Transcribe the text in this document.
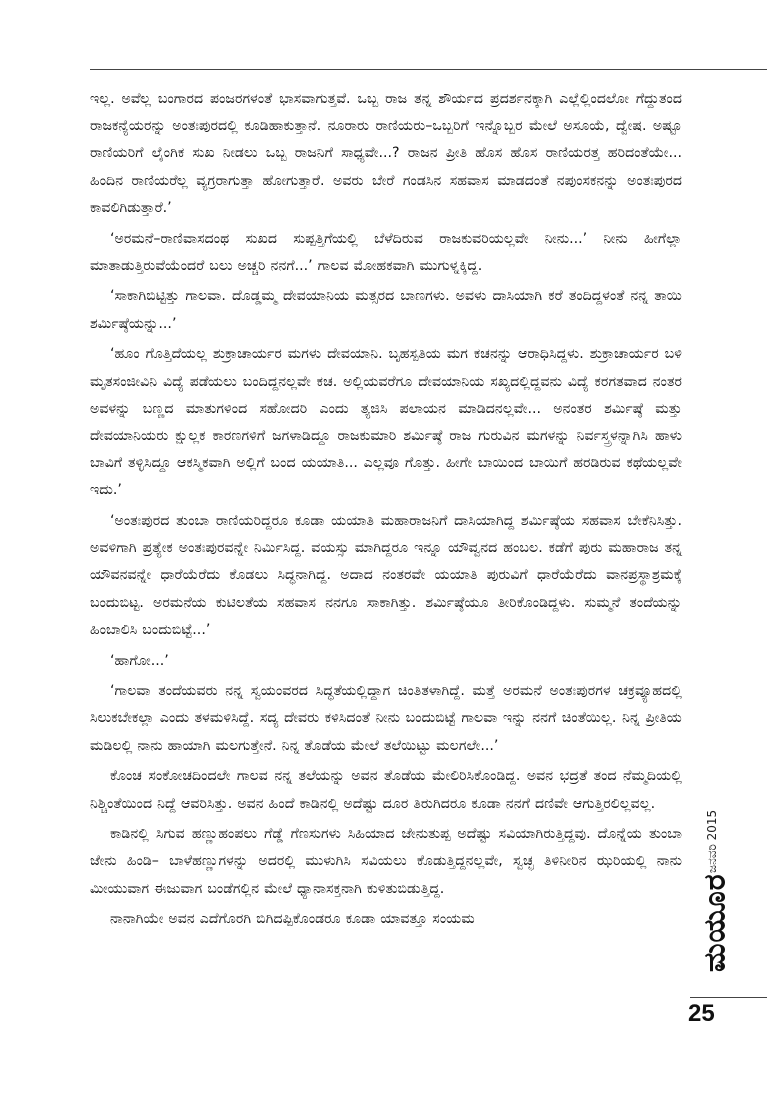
ಇಲ್ಲ. ಅವೆಲ್ಲ ಬಂಗಾರದ ಪಂಜರಗಳಂತೆ ಭಾಸವಾಗುತ್ತವೆ. ಒಬ್ಬ ರಾಜ ತನ್ನ ಶೌರ್ಯದ ಪ್ರದರ್ಶನಕ್ಕಾಗಿ ಎಲ್ಲೆಲ್ಲಿಂದಲೋ ಗೆದ್ದುತಂದ ರಾಜಕನ್ಯೆಯರನ್ನು ಅಂತಃಪುರದಲ್ಲಿ ಕೂಡಿಹಾಕುತ್ತಾನೆ. ನೂರಾರು ರಾಣಿಯರು–ಒಬ್ಬರಿಗೆ ಇನ್ನೊಬ್ಬರ ಮೇಲೆ ಅಸೂಯೆ, ದ್ವೇಷ. ಅಷ್ಟೂ ರಾಣಿಯರಿಗೆ ಲೈಂಗಿಕ ಸುಖ ನೀಡಲು ಒಬ್ಬ ರಾಜನಿಗೆ ಸಾಧ್ಯವೇ...? ರಾಜನ ಪ್ರೀತಿ ಹೊಸ ಹೊಸ ರಾಣಿಯರತ್ತ ಹರಿದಂತೆಯೇ... ಹಿಂದಿನ ರಾಣಿಯರೆಲ್ಲ ವ್ಯಗ್ರರಾಗುತ್ತಾ ಹೋಗುತ್ತಾರೆ. ಅವರು ಬೇರೆ ಗಂಡಸಿನ ಸಹವಾಸ ಮಾಡದಂತೆ ನಪುಂಸಕನನ್ನು ಅಂತಃಪುರದ ಕಾವಲಿಗಿಡುತ್ತಾರೆ.’

‘ಅರಮನೆ–ರಾಣಿವಾಸದಂಥ ಸುಖದ ಸುಪ್ಪತ್ತಿಗೆಯಲ್ಲಿ ಬೆಳೆದಿರುವ ರಾಜಕುವರಿಯಲ್ಲವೇ ನೀನು...’ ನೀನು ಹೀಗೆಲ್ಲಾ ಮಾತಾಡುತ್ತಿರುವೆಯೆಂದರೆ ಬಲು ಅಚ್ಚರಿ ನನಗೆ...’ ಗಾಲವ ಮೋಹಕವಾಗಿ ಮುಗುಳ್ನಕ್ಕಿದ್ದ.

‘ಸಾಕಾಗಿಬಿಟ್ಟಿತ್ತು ಗಾಲವಾ. ದೊಡ್ಡಮ್ಮ ದೇವಯಾನಿಯ ಮತ್ಸರದ ಬಾಣಗಳು. ಅವಳು ದಾಸಿಯಾಗಿ ಕರೆ ತಂದಿದ್ದಳಂತೆ ನನ್ನ ತಾಯಿ ಶರ್ಮಿಷ್ಠೆಯನ್ನು...’

‘ಹೂಂ ಗೊತ್ತಿದೆಯಲ್ಲ ಶುಕ್ರಾಚಾರ್ಯರ ಮಗಳು ದೇವಯಾನಿ. ಬೃಹಸ್ಪತಿಯ ಮಗ ಕಚನನ್ನು ಆರಾಧಿಸಿದ್ದಳು. ಶುಕ್ರಾಚಾರ್ಯರ ಬಳಿ ಮೃತಸಂಜೀವಿನಿ ವಿದ್ಯೆ ಪಡೆಯಲು ಬಂದಿದ್ದನಲ್ಲವೇ ಕಚ. ಅಲ್ಲಿಯವರೆಗೂ ದೇವಯಾನಿಯ ಸಖ್ಯದಲ್ಲಿದ್ದವನು ವಿದ್ಯೆ ಕರಗತವಾದ ನಂತರ ಅವಳನ್ನು ಬಣ್ಣದ ಮಾತುಗಳಿಂದ ಸಹೋದರಿ ಎಂದು ತ್ಯಜಿಸಿ ಪಲಾಯನ ಮಾಡಿದನಲ್ಲವೇ... ಅನಂತರ ಶರ್ಮಿಷ್ಠೆ ಮತ್ತು ದೇವಯಾನಿಯರು ಕ್ಷುಲ್ಲಕ ಕಾರಣಗಳಿಗೆ ಜಗಳಾಡಿದ್ದೂ ರಾಜಕುಮಾರಿ ಶರ್ಮಿಷ್ಠೆ ರಾಜ ಗುರುವಿನ ಮಗಳನ್ನು ನಿರ್ವಸ್ತ್ರಳನ್ನಾಗಿಸಿ ಹಾಳು ಬಾವಿಗೆ ತಳ್ಳಿಸಿದ್ದೂ ಆಕಸ್ಮಿಕವಾಗಿ ಅಲ್ಲಿಗೆ ಬಂದ ಯಯಾತಿ... ಎಲ್ಲವೂ ಗೊತ್ತು. ಹೀಗೇ ಬಾಯಿಂದ ಬಾಯಿಗೆ ಹರಡಿರುವ ಕಥೆಯಲ್ಲವೇ ಇದು.’

‘ಅಂತಃಪುರದ ತುಂಬಾ ರಾಣಿಯರಿದ್ದರೂ ಕೂಡಾ ಯಯಾತಿ ಮಹಾರಾಜನಿಗೆ ದಾಸಿಯಾಗಿದ್ದ ಶರ್ಮಿಷ್ಠೆಯ ಸಹವಾಸ ಬೇಕೆನಿಸಿತ್ತು. ಅವಳಿಗಾಗಿ ಪ್ರತ್ಯೇಕ ಅಂತಃಪುರವನ್ನೇ ನಿರ್ಮಿಸಿದ್ದ. ವಯಸ್ಸು ಮಾಗಿದ್ದರೂ ಇನ್ನೂ ಯೌವ್ವನದ ಹಂಬಲ. ಕಡೆಗೆ ಪುರು ಮಹಾರಾಜ ತನ್ನ ಯೌವನವನ್ನೇ ಧಾರೆಯೆರೆದು ಕೊಡಲು ಸಿದ್ಧನಾಗಿದ್ದ. ಅದಾದ ನಂತರವೇ ಯಯಾತಿ ಪುರುವಿಗೆ ಧಾರೆಯೆರೆದು ವಾನಪ್ರಸ್ಥಾಶ್ರಮಕ್ಕೆ ಬಂದುಬಿಟ್ಟ. ಅರಮನೆಯ ಕುಟಿಲತೆಯ ಸಹವಾಸ ನನಗೂ ಸಾಕಾಗಿತ್ತು. ಶರ್ಮಿಷ್ಠೆಯೂ ತೀರಿಕೊಂಡಿದ್ದಳು. ಸುಮ್ಮನೆ ತಂದೆಯನ್ನು ಹಿಂಬಾಲಿಸಿ ಬಂದುಬಿಟ್ಟೆ...’

‘ಹಾಗೋ...’

‘ಗಾಲವಾ ತಂದೆಯವರು ನನ್ನ ಸ್ವಯಂವರದ ಸಿದ್ಧತೆಯಲ್ಲಿದ್ದಾಗ ಚಿಂತಿತಳಾಗಿದ್ದೆ. ಮತ್ತೆ ಅರಮನೆ ಅಂತಃಪುರಗಳ ಚಕ್ರವ್ಯೂಹದಲ್ಲಿ ಸಿಲುಕಬೇಕಲ್ಲಾ ಎಂದು ತಳಮಳಿಸಿದ್ದೆ. ಸದ್ಯ ದೇವರು ಕಳಿಸಿದಂತೆ ನೀನು ಬಂದುಬಿಟ್ಟೆ ಗಾಲವಾ ಇನ್ನು ನನಗೆ ಚಿಂತೆಯಿಲ್ಲ. ನಿನ್ನ ಪ್ರೀತಿಯ ಮಡಿಲಲ್ಲಿ ನಾನು ಹಾಯಾಗಿ ಮಲಗುತ್ತೇನೆ. ನಿನ್ನ ತೊಡೆಯ ಮೇಲೆ ತಲೆಯಿಟ್ಟು ಮಲಗಲೇ...’

ಕೊಂಚ ಸಂಕೋಚದಿಂದಲೇ ಗಾಲವ ನನ್ನ ತಲೆಯನ್ನು ಅವನ ತೊಡೆಯ ಮೇಲಿರಿಸಿಕೊಂಡಿದ್ದ. ಅವನ ಭದ್ರತೆ ತಂದ ನೆಮ್ಮದಿಯಲ್ಲಿ ನಿಶ್ಚಿಂತೆಯಿಂದ ನಿದ್ದೆ ಆವರಿಸಿತ್ತು. ಅವನ ಹಿಂದೆ ಕಾಡಿನಲ್ಲಿ ಅದೆಷ್ಟು ದೂರ ತಿರುಗಿದರೂ ಕೂಡಾ ನನಗೆ ದಣಿವೇ ಆಗುತ್ತಿರಲಿಲ್ಲವಲ್ಲ.

ಕಾಡಿನಲ್ಲಿ ಸಿಗುವ ಹಣ್ಣುಹಂಪಲು ಗೆಡ್ಡೆ ಗೆಣಸುಗಳು ಸಿಹಿಯಾದ ಜೇನುತುಪ್ಪ ಅದೆಷ್ಟು ಸವಿಯಾಗಿರುತ್ತಿದ್ದವು. ದೊನ್ನೆಯ ತುಂಬಾ ಜೇನು ಹಿಂಡಿ– ಬಾಳೆಹಣ್ಣುಗಳನ್ನು ಅದರಲ್ಲಿ ಮುಳುಗಿಸಿ ಸವಿಯಲು ಕೊಡುತ್ತಿದ್ದನಲ್ಲವೇ, ಸ್ವಚ್ಛ ತಿಳಿನೀರಿನ ಝರಿಯಲ್ಲಿ ನಾನು ಮೀಯುವಾಗ ಈಜುವಾಗ ಬಂಡೆಗಲ್ಲಿನ ಮೇಲೆ ಧ್ಯಾನಾಸಕ್ತನಾಗಿ ಕುಳಿತುಬಿಡುತ್ತಿದ್ದ.

ನಾನಾಗಿಯೇ ಅವನ ಎದೆಗೊರಗಿ ಬಿಗಿದಪ್ಪಿಕೊಂಡರೂ ಕೂಡಾ ಯಾವತ್ತೂ ಸಂಯಮ	ಮಯೂರ
ಜನವರಿ 2015
25
